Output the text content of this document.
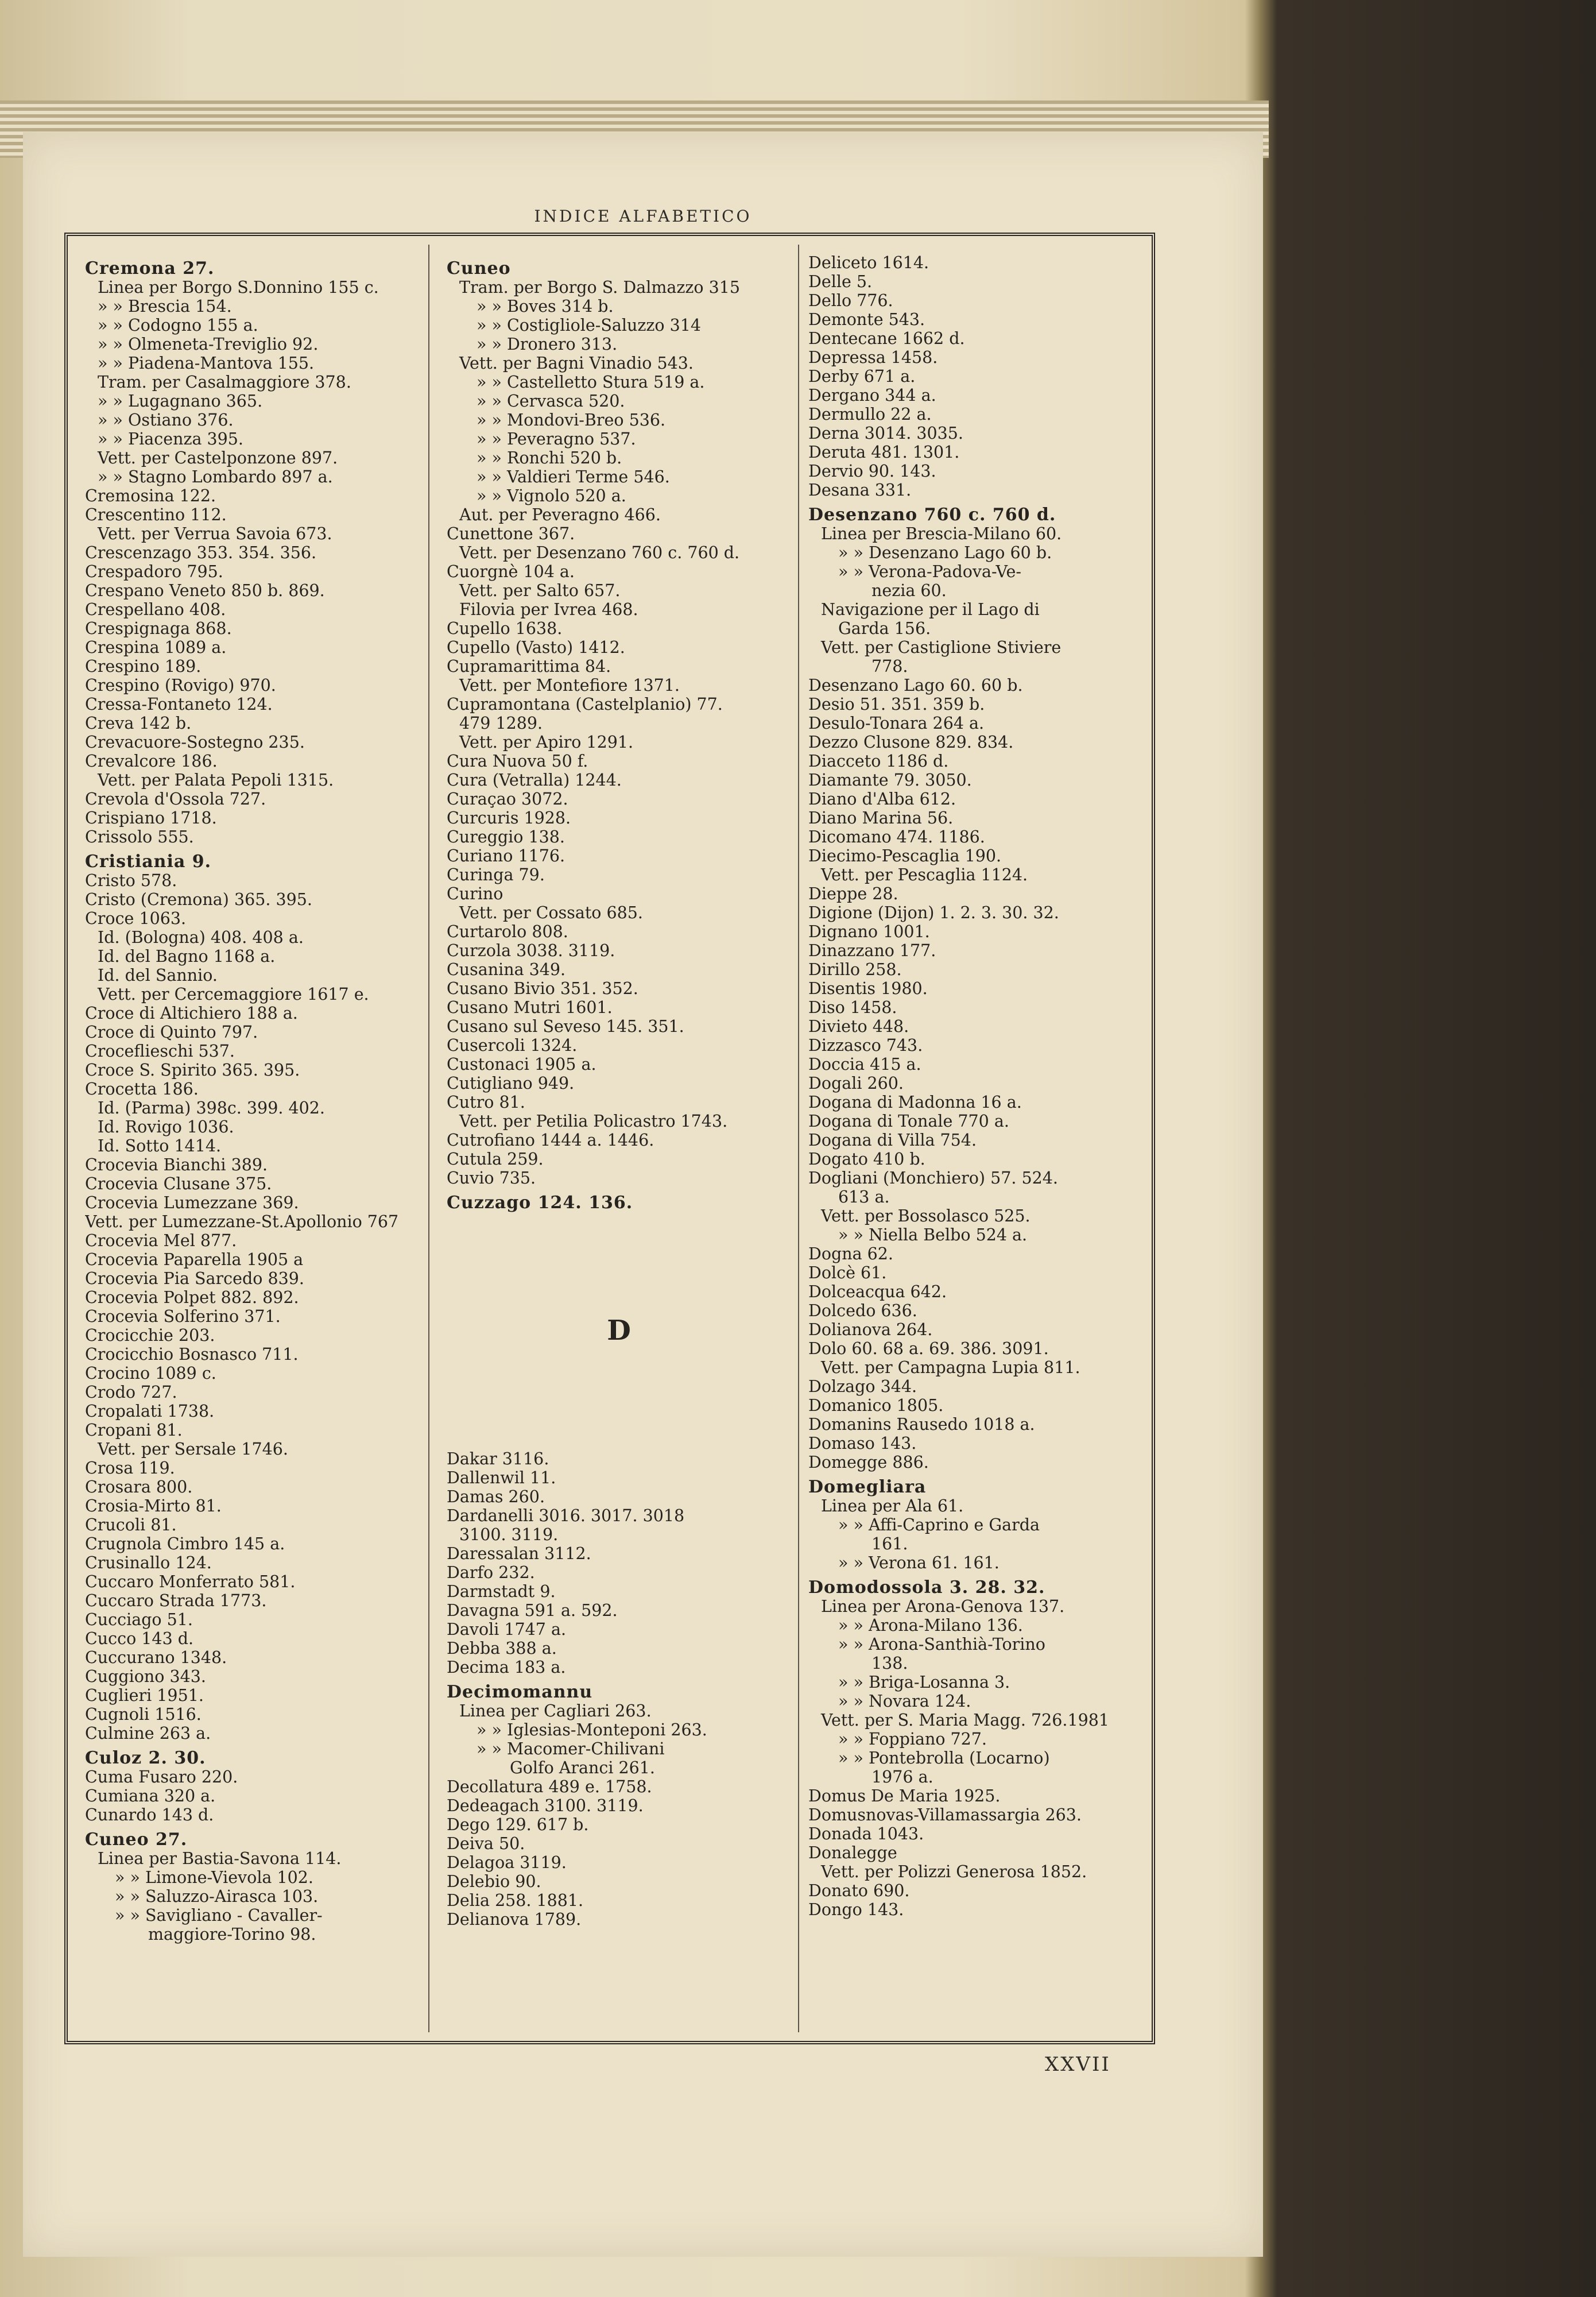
INDICE ALFABETICO
Cremona 27.
Linea per Borgo S.Donnino 155 c.
» » Brescia 154.
» » Codogno 155 a.
» » Olmeneta-Treviglio 92.
» » Piadena-Mantova 155.
Tram. per Casalmaggiore 378.
» » Lugagnano 365.
» » Ostiano 376.
» » Piacenza 395.
Vett. per Castelponzone 897.
» » Stagno Lombardo 897 a.
Cremosina 122.
Crescentino 112.
Vett. per Verrua Savoia 673.
Crescenzago 353. 354. 356.
Crespadoro 795.
Crespano Veneto 850 b. 869.
Crespellano 408.
Crespignaga 868.
Crespina 1089 a.
Crespino 189.
Crespino (Rovigo) 970.
Cressa-Fontaneto 124.
Creva 142 b.
Crevacuore-Sostegno 235.
Crevalcore 186.
Vett. per Palata Pepoli 1315.
Crevola d'Ossola 727.
Crispiano 1718.
Crissolo 555.
Cristiania 9.
Cristo 578.
Cristo (Cremona) 365. 395.
Croce 1063.
Id. (Bologna) 408. 408 a.
Id. del Bagno 1168 a.
Id. del Sannio.
Vett. per Cercemaggiore 1617 e.
Croce di Altichiero 188 a.
Croce di Quinto 797.
Croceflieschi 537.
Croce S. Spirito 365. 395.
Crocetta 186.
Id. (Parma) 398c. 399. 402.
Id. Rovigo 1036.
Id. Sotto 1414.
Crocevia Bianchi 389.
Crocevia Clusane 375.
Crocevia Lumezzane 369.
Vett. per Lumezzane-St.Apollonio 767
Crocevia Mel 877.
Crocevia Paparella 1905 a
Crocevia Pia Sarcedo 839.
Crocevia Polpet 882. 892.
Crocevia Solferino 371.
Crocicchie 203.
Crocicchio Bosnasco 711.
Crocino 1089 c.
Crodo 727.
Cropalati 1738.
Cropani 81.
Vett. per Sersale 1746.
Crosa 119.
Crosara 800.
Crosia-Mirto 81.
Crucoli 81.
Crugnola Cimbro 145 a.
Crusinallo 124.
Cuccaro Monferrato 581.
Cuccaro Strada 1773.
Cucciago 51.
Cucco 143 d.
Cuccurano 1348.
Cuggiono 343.
Cuglieri 1951.
Cugnoli 1516.
Culmine 263 a.
Culoz 2. 30.
Cuma Fusaro 220.
Cumiana 320 a.
Cunardo 143 d.
Cuneo 27.
Linea per Bastia-Savona 114.
» » Limone-Vievola 102.
» » Saluzzo-Airasca 103.
» » Savigliano - Cavaller-
maggiore-Torino 98.
Cuneo
Tram. per Borgo S. Dalmazzo 315
» » Boves 314 b.
» » Costigliole-Saluzzo 314
» » Dronero 313.
Vett. per Bagni Vinadio 543.
» » Castelletto Stura 519 a.
» » Cervasca 520.
» » Mondovi-Breo 536.
» » Peveragno 537.
» » Ronchi 520 b.
» » Valdieri Terme 546.
» » Vignolo 520 a.
Aut. per Peveragno 466.
Cunettone 367.
Vett. per Desenzano 760 c. 760 d.
Cuorgnè 104 a.
Vett. per Salto 657.
Filovia per Ivrea 468.
Cupello 1638.
Cupello (Vasto) 1412.
Cupramarittima 84.
Vett. per Montefiore 1371.
Cupramontana (Castelplanio) 77.
479 1289.
Vett. per Apiro 1291.
Cura Nuova 50 f.
Cura (Vetralla) 1244.
Curaçao 3072.
Curcuris 1928.
Cureggio 138.
Curiano 1176.
Curinga 79.
Curino
Vett. per Cossato 685.
Curtarolo 808.
Curzola 3038. 3119.
Cusanina 349.
Cusano Bivio 351. 352.
Cusano Mutri 1601.
Cusano sul Seveso 145. 351.
Cusercoli 1324.
Custonaci 1905 a.
Cutigliano 949.
Cutro 81.
Vett. per Petilia Policastro 1743.
Cutrofiano 1444 a. 1446.
Cutula 259.
Cuvio 735.
Cuzzago 124. 136.
D
Dakar 3116.
Dallenwil 11.
Damas 260.
Dardanelli 3016. 3017. 3018
3100. 3119.
Daressalan 3112.
Darfo 232.
Darmstadt 9.
Davagna 591 a. 592.
Davoli 1747 a.
Debba 388 a.
Decima 183 a.
Decimomannu
Linea per Cagliari 263.
» » Iglesias-Monteponi 263.
» » Macomer-Chilivani
Golfo Aranci 261.
Decollatura 489 e. 1758.
Dedeagach 3100. 3119.
Dego 129. 617 b.
Deiva 50.
Delagoa 3119.
Delebio 90.
Delia 258. 1881.
Delianova 1789.
Deliceto 1614.
Delle 5.
Dello 776.
Demonte 543.
Dentecane 1662 d.
Depressa 1458.
Derby 671 a.
Dergano 344 a.
Dermullo 22 a.
Derna 3014. 3035.
Deruta 481. 1301.
Dervio 90. 143.
Desana 331.
Desenzano 760 c. 760 d.
Linea per Brescia-Milano 60.
» » Desenzano Lago 60 b.
» » Verona-Padova-Ve-
nezia 60.
Navigazione per il Lago di
Garda 156.
Vett. per Castiglione Stiviere
778.
Desenzano Lago 60. 60 b.
Desio 51. 351. 359 b.
Desulo-Tonara 264 a.
Dezzo Clusone 829. 834.
Diacceto 1186 d.
Diamante 79. 3050.
Diano d'Alba 612.
Diano Marina 56.
Dicomano 474. 1186.
Diecimo-Pescaglia 190.
Vett. per Pescaglia 1124.
Dieppe 28.
Digione (Dijon) 1. 2. 3. 30. 32.
Dignano 1001.
Dinazzano 177.
Dirillo 258.
Disentis 1980.
Diso 1458.
Divieto 448.
Dizzasco 743.
Doccia 415 a.
Dogali 260.
Dogana di Madonna 16 a.
Dogana di Tonale 770 a.
Dogana di Villa 754.
Dogato 410 b.
Dogliani (Monchiero) 57. 524.
613 a.
Vett. per Bossolasco 525.
» » Niella Belbo 524 a.
Dogna 62.
Dolcè 61.
Dolceacqua 642.
Dolcedo 636.
Dolianova 264.
Dolo 60. 68 a. 69. 386. 3091.
Vett. per Campagna Lupia 811.
Dolzago 344.
Domanico 1805.
Domanins Rausedo 1018 a.
Domaso 143.
Domegge 886.
Domegliara
Linea per Ala 61.
» » Affi-Caprino e Garda
161.
» » Verona 61. 161.
Domodossola 3. 28. 32.
Linea per Arona-Genova 137.
» » Arona-Milano 136.
» » Arona-Santhià-Torino
138.
» » Briga-Losanna 3.
» » Novara 124.
Vett. per S. Maria Magg. 726.1981
» » Foppiano 727.
» » Pontebrolla (Locarno)
1976 a.
Domus De Maria 1925.
Domusnovas-Villamassargia 263.
Donada 1043.
Donalegge
Vett. per Polizzi Generosa 1852.
Donato 690.
Dongo 143.
XXVII
